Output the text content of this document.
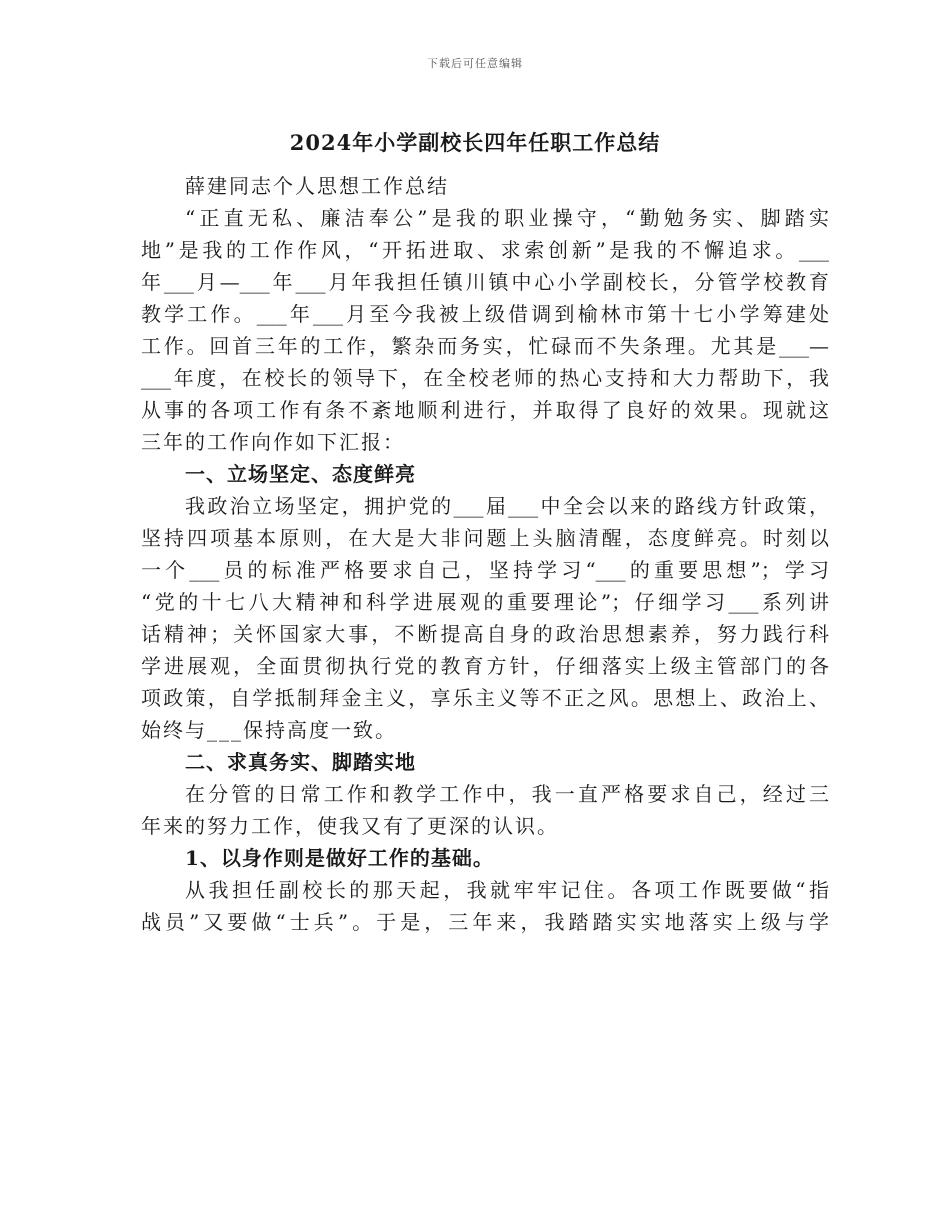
下载后可任意编辑
2024年小学副校长四年任职工作总结
薛建同志个人思想工作总结
“正直无私、廉洁奉公”是我的职业操守，“勤勉务实、脚踏实
地”是我的工作作风，“开拓进取、求索创新”是我的不懈追求。___
年___月—___年___月年我担任镇川镇中心小学副校长，分管学校教育
教学工作。___年___月至今我被上级借调到榆林市第十七小学筹建处
工作。回首三年的工作，繁杂而务实，忙碌而不失条理。尤其是___—
___年度，在校长的领导下，在全校老师的热心支持和大力帮助下，我
从事的各项工作有条不紊地顺利进行，并取得了良好的效果。现就这
三年的工作向作如下汇报：
一、立场坚定、态度鲜亮
我政治立场坚定，拥护党的___届___中全会以来的路线方针政策，
坚持四项基本原则，在大是大非问题上头脑清醒，态度鲜亮。时刻以
一个___员的标准严格要求自己，坚持学习“___的重要思想”；学习
“党的十七八大精神和科学进展观的重要理论”；仔细学习___系列讲
话精神；关怀国家大事，不断提高自身的政治思想素养，努力践行科
学进展观，全面贯彻执行党的教育方针，仔细落实上级主管部门的各
项政策，自学抵制拜金主义，享乐主义等不正之风。思想上、政治上、
始终与___保持高度一致。
二、求真务实、脚踏实地
在分管的日常工作和教学工作中，我一直严格要求自己，经过三
年来的努力工作，使我又有了更深的认识。
1、以身作则是做好工作的基础。
从我担任副校长的那天起，我就牢牢记住。各项工作既要做“指
战员”又要做“士兵”。于是，三年来，我踏踏实实地落实上级与学
